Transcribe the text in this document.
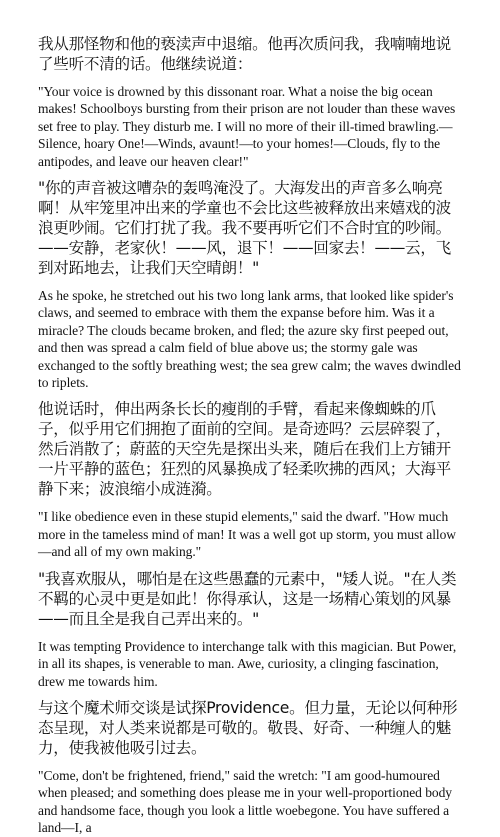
我从那怪物和他的亵渎声中退缩。他再次质问我，我喃喃地说了些听不清的话。他继续说道：

"Your voice is drowned by this dissonant roar. What a noise the big ocean makes! Schoolboys bursting from their prison are not louder than these waves set free to play. They disturb me. I will no more of their ill-timed brawling.—Silence, hoary One!—Winds, avaunt!—to your homes!—Clouds, fly to the antipodes, and leave our heaven clear!"

"你的声音被这嘈杂的轰鸣淹没了。大海发出的声音多么响亮啊！从牢笼里冲出来的学童也不会比这些被释放出来嬉戏的波浪更吵闹。它们打扰了我。我不要再听它们不合时宜的吵闹。——安静，老家伙！——风，退下！——回家去！——云，飞到对跖地去，让我们天空晴朗！"

As he spoke, he stretched out his two long lank arms, that looked like spider's claws, and seemed to embrace with them the expanse before him. Was it a miracle? The clouds became broken, and fled; the azure sky first peeped out, and then was spread a calm field of blue above us; the stormy gale was exchanged to the softly breathing west; the sea grew calm; the waves dwindled to riplets.

他说话时，伸出两条长长的瘦削的手臂，看起来像蜘蛛的爪子，似乎用它们拥抱了面前的空间。是奇迹吗？云层碎裂了，然后消散了；蔚蓝的天空先是探出头来，随后在我们上方铺开一片平静的蓝色；狂烈的风暴换成了轻柔吹拂的西风；大海平静下来；波浪缩小成涟漪。

"I like obedience even in these stupid elements," said the dwarf. "How much more in the tameless mind of man! It was a well got up storm, you must allow—and all of my own making."

"我喜欢服从，哪怕是在这些愚蠢的元素中，"矮人说。"在人类不羁的心灵中更是如此！你得承认，这是一场精心策划的风暴——而且全是我自己弄出来的。"

It was tempting Providence to interchange talk with this magician. But Power, in all its shapes, is venerable to man. Awe, curiosity, a clinging fascination, drew me towards him.

与这个魔术师交谈是试探Providence。但力量，无论以何种形态呈现，对人类来说都是可敬的。敬畏、好奇、一种缠人的魅力，使我被他吸引过去。

"Come, don't be frightened, friend," said the wretch: "I am good-humoured when pleased; and something does please me in your well-proportioned body and handsome face, though you look a little woebegone. You have suffered a land—I, a
